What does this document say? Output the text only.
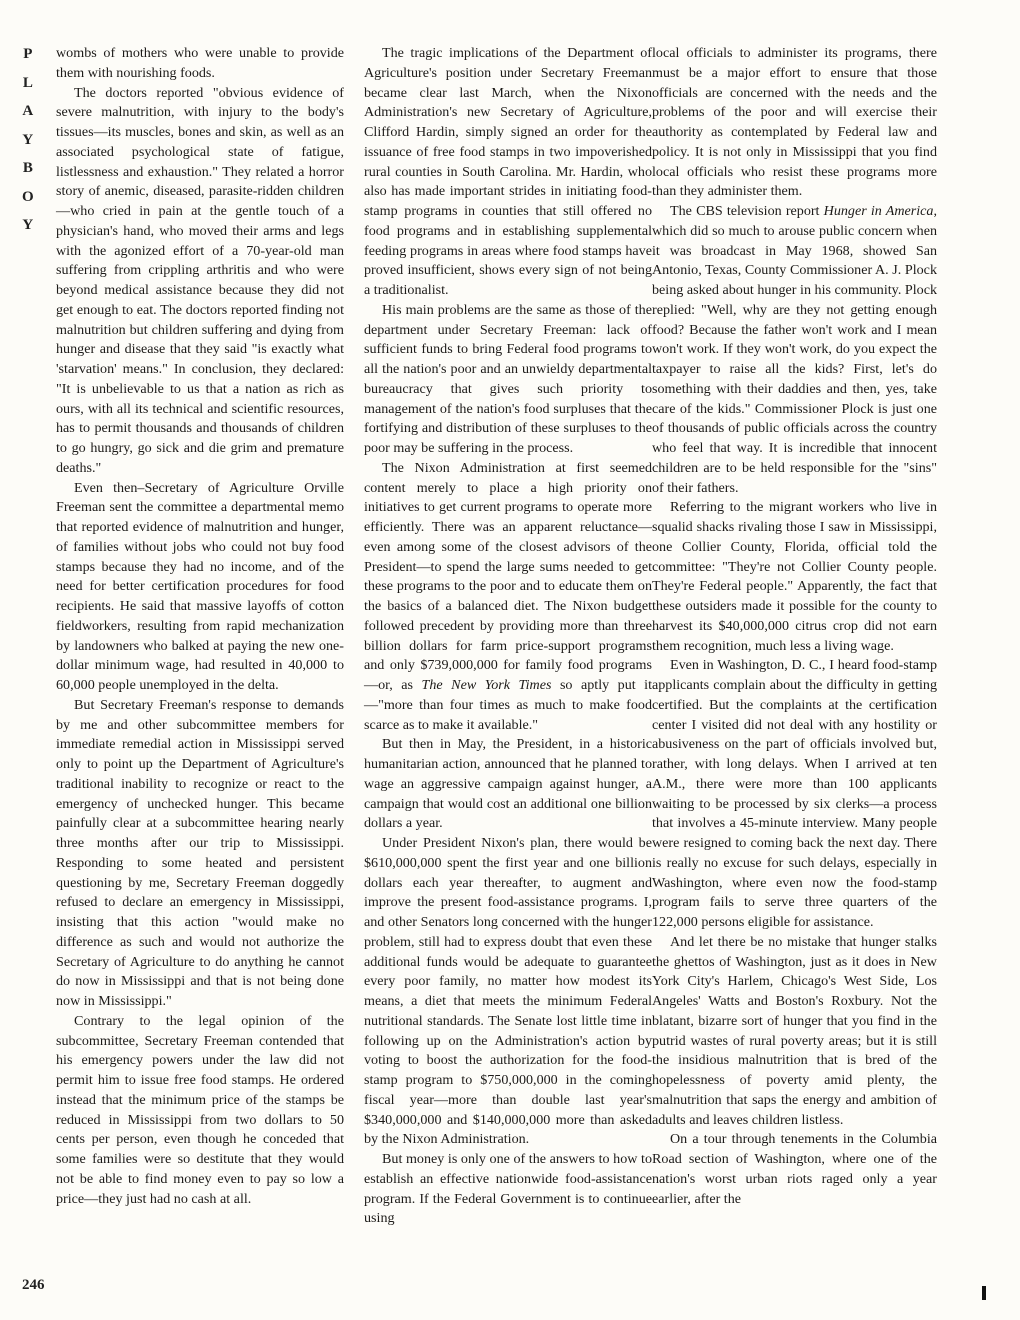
P
L
A
Y
B
O
Y

wombs of mothers who were unable to provide them with nourishing foods.

The doctors reported "obvious evidence of severe malnutrition, with injury to the body's tissues—its muscles, bones and skin, as well as an associated psychological state of fatigue, listlessness and exhaustion." They related a horror story of anemic, diseased, parasite-ridden children—who cried in pain at the gentle touch of a physician's hand, who moved their arms and legs with the agonized effort of a 70-year-old man suffering from crippling arthritis and who were beyond medical assistance because they did not get enough to eat. The doctors reported finding not malnutrition but children suffering and dying from hunger and disease that they said "is exactly what 'starvation' means." In conclusion, they declared: "It is unbelievable to us that a nation as rich as ours, with all its technical and scientific resources, has to permit thousands and thousands of children to go hungry, go sick and die grim and premature deaths."

Even then–Secretary of Agriculture Orville Freeman sent the committee a departmental memo that reported evidence of malnutrition and hunger, of families without jobs who could not buy food stamps because they had no income, and of the need for better certification procedures for food recipients. He said that massive layoffs of cotton fieldworkers, resulting from rapid mechanization by landowners who balked at paying the new one-dollar minimum wage, had resulted in 40,000 to 60,000 people unemployed in the delta.

But Secretary Freeman's response to demands by me and other subcommittee members for immediate remedial action in Mississippi served only to point up the Department of Agriculture's traditional inability to recognize or react to the emergency of unchecked hunger. This became painfully clear at a subcommittee hearing nearly three months after our trip to Mississippi. Responding to some heated and persistent questioning by me, Secretary Freeman doggedly refused to declare an emergency in Mississippi, insisting that this action "would make no difference as such and would not authorize the Secretary of Agriculture to do anything he cannot do now in Mississippi and that is not being done now in Mississippi."

Contrary to the legal opinion of the subcommittee, Secretary Freeman contended that his emergency powers under the law did not permit him to issue free food stamps. He ordered instead that the minimum price of the stamps be reduced in Mississippi from two dollars to 50 cents per person, even though he conceded that some families were so destitute that they would not be able to find money even to pay so low a price—they just had no cash at all.

The tragic implications of the Department of Agriculture's position under Secretary Freeman became clear last March, when the Nixon Administration's new Secretary of Agriculture, Clifford Hardin, simply signed an order for the issuance of free food stamps in two impoverished rural counties in South Carolina. Mr. Hardin, who also has made important strides in initiating food-stamp programs in counties that still offered no food programs and in establishing supplemental feeding programs in areas where food stamps have proved insufficient, shows every sign of not being a traditionalist.

His main problems are the same as those of the department under Secretary Freeman: lack of sufficient funds to bring Federal food programs to all the nation's poor and an unwieldy departmental bureaucracy that gives such priority to management of the nation's food surpluses that the fortifying and distribution of these surpluses to the poor may be suffering in the process.

The Nixon Administration at first seemed content merely to place a high priority on initiatives to get current programs to operate more efficiently. There was an apparent reluctance—even among some of the closest advisors of the President—to spend the large sums needed to get these programs to the poor and to educate them on the basics of a balanced diet. The Nixon budget followed precedent by providing more than three billion dollars for farm price-support programs and only $739,000,000 for family food programs—or, as The New York Times so aptly put it—"more than four times as much to make food scarce as to make it available."

But then in May, the President, in a historic humanitarian action, announced that he planned to wage an aggressive campaign against hunger, a campaign that would cost an additional one billion dollars a year.

Under President Nixon's plan, there would be $610,000,000 spent the first year and one billion dollars each year thereafter, to augment and improve the present food-assistance programs. I, and other Senators long concerned with the hunger problem, still had to express doubt that even these additional funds would be adequate to guarantee every poor family, no matter how modest its means, a diet that meets the minimum Federal nutritional standards. The Senate lost little time in following up on the Administration's action by voting to boost the authorization for the food-stamp program to $750,000,000 in the coming fiscal year—more than double last year's $340,000,000 and $140,000,000 more than asked by the Nixon Administration.

But money is only one of the answers to how to establish an effective nationwide food-assistance program. If the Federal Government is to continue using

local officials to administer its programs, there must be a major effort to ensure that those officials are concerned with the needs and the problems of the poor and will exercise their authority as contemplated by Federal law and policy. It is not only in Mississippi that you find local officials who resist these programs more than they administer them.

The CBS television report Hunger in America, which did so much to arouse public concern when it was broadcast in May 1968, showed San Antonio, Texas, County Commissioner A. J. Plock being asked about hunger in his community. Plock replied: "Well, why are they not getting enough food? Because the father won't work and I mean won't work. If they won't work, do you expect the taxpayer to raise all the kids? First, let's do something with their daddies and then, yes, take care of the kids." Commissioner Plock is just one of thousands of public officials across the country who feel that way. It is incredible that innocent children are to be held responsible for the "sins" of their fathers.

Referring to the migrant workers who live in squalid shacks rivaling those I saw in Mississippi, one Collier County, Florida, official told the committee: "They're not Collier County people. They're Federal people." Apparently, the fact that these outsiders made it possible for the county to harvest its $40,000,000 citrus crop did not earn them recognition, much less a living wage.

Even in Washington, D. C., I heard food-stamp applicants complain about the difficulty in getting certified. But the complaints at the certification center I visited did not deal with any hostility or abusiveness on the part of officials involved but, rather, with long delays. When I arrived at ten A.M., there were more than 100 applicants waiting to be processed by six clerks—a process that involves a 45-minute interview. Many people were resigned to coming back the next day. There is really no excuse for such delays, especially in Washington, where even now the food-stamp program fails to serve three quarters of the 122,000 persons eligible for assistance.

And let there be no mistake that hunger stalks the ghettos of Washington, just as it does in New York City's Harlem, Chicago's West Side, Los Angeles' Watts and Boston's Roxbury. Not the blatant, bizarre sort of hunger that you find in the putrid wastes of rural poverty areas; but it is still the insidious malnutrition that is bred of the hopelessness of poverty amid plenty, the malnutrition that saps the energy and ambition of adults and leaves children listless.

On a tour through tenements in the Columbia Road section of Washington, where one of the nation's worst urban riots raged only a year earlier, after the

246
